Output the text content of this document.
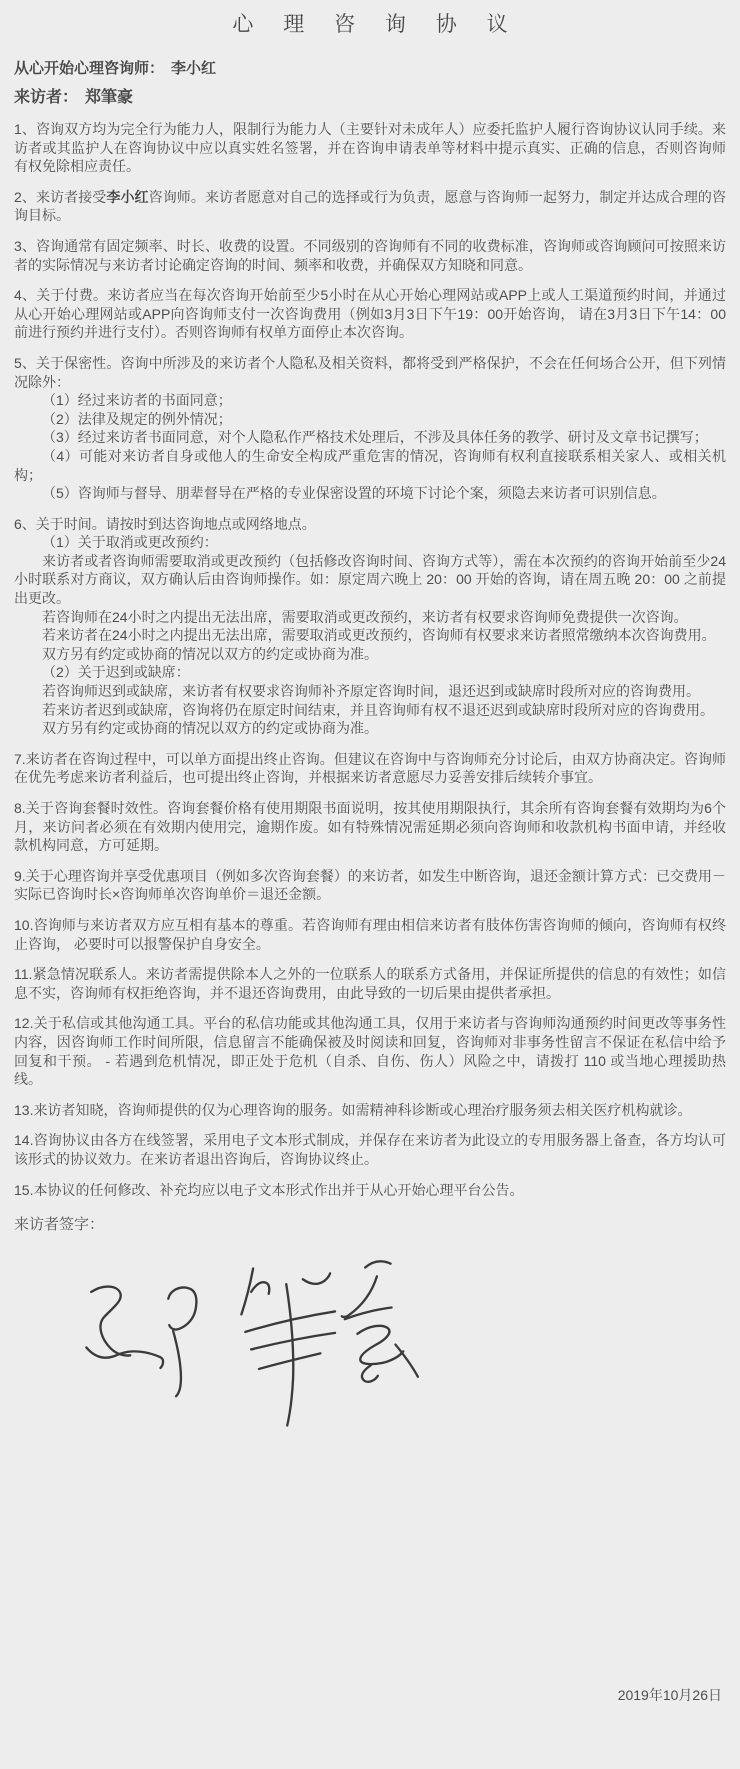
心 理 咨 询 协 议

从心开始心理咨询师： 李小红

来访者： 郑筆豪

1、咨询双方均为完全行为能力人，限制行为能力人（主要针对未成年人）应委托监护人履行咨询协议认同手续。来访者或其监护人在咨询协议中应以真实姓名签署，并在咨询申请表单等材料中提示真实、正确的信息，否则咨询师有权免除相应责任。

2、来访者接受李小红咨询师。来访者愿意对自己的选择或行为负责，愿意与咨询师一起努力，制定并达成合理的咨询目标。

3、咨询通常有固定频率、时长、收费的设置。不同级别的咨询师有不同的收费标准，咨询师或咨询顾问可按照来访者的实际情况与来访者讨论确定咨询的时间、频率和收费，并确保双方知晓和同意。

4、关于付费。来访者应当在每次咨询开始前至少5小时在从心开始心理网站或APP上或人工渠道预约时间，并通过从心开始心理网站或APP向咨询师支付一次咨询费用（例如3月3日下午19：00开始咨询， 请在3月3日下午14：00前进行预约并进行支付）。否则咨询师有权单方面停止本次咨询。

5、关于保密性。咨询中所涉及的来访者个人隐私及相关资料，都将受到严格保护，不会在任何场合公开，但下列情况除外：

（1）经过来访者的书面同意；

（2）法律及规定的例外情况；

（3）经过来访者书面同意，对个人隐私作严格技术处理后，不涉及具体任务的教学、研讨及文章书记撰写；

（4）可能对来访者自身或他人的生命安全构成严重危害的情况，咨询师有权利直接联系相关家人、或相关机构；

（5）咨询师与督导、朋辈督导在严格的专业保密设置的环境下讨论个案，须隐去来访者可识别信息。

6、关于时间。请按时到达咨询地点或网络地点。

（1）关于取消或更改预约：

来访者或者咨询师需要取消或更改预约（包括修改咨询时间、咨询方式等），需在本次预约的咨询开始前至少24小时联系对方商议，双方确认后由咨询师操作。如：原定周六晚上 20：00 开始的咨询，请在周五晚 20：00 之前提出更改。

若咨询师在24小时之内提出无法出席，需要取消或更改预约，来访者有权要求咨询师免费提供一次咨询。

若来访者在24小时之内提出无法出席，需要取消或更改预约，咨询师有权要求来访者照常缴纳本次咨询费用。

双方另有约定或协商的情况以双方的约定或协商为准。

（2）关于迟到或缺席：

若咨询师迟到或缺席，来访者有权要求咨询师补齐原定咨询时间，退还迟到或缺席时段所对应的咨询费用。

若来访者迟到或缺席，咨询将仍在原定时间结束，并且咨询师有权不退还迟到或缺席时段所对应的咨询费用。

双方另有约定或协商的情况以双方的约定或协商为准。

7.来访者在咨询过程中，可以单方面提出终止咨询。但建议在咨询中与咨询师充分讨论后，由双方协商决定。咨询师在优先考虑来访者利益后，也可提出终止咨询，并根据来访者意愿尽力妥善安排后续转介事宜。

8.关于咨询套餐时效性。咨询套餐价格有使用期限书面说明，按其使用期限执行，其余所有咨询套餐有效期均为6个月，来访问者必须在有效期内使用完，逾期作废。如有特殊情况需延期必须向咨询师和收款机构书面申请，并经收款机构同意，方可延期。

9.关于心理咨询并享受优惠项目（例如多次咨询套餐）的来访者，如发生中断咨询，退还金额计算方式：已交费用－实际已咨询时长×咨询师单次咨询单价＝退还金额。

10.咨询师与来访者双方应互相有基本的尊重。若咨询师有理由相信来访者有肢体伤害咨询师的倾向，咨询师有权终止咨询， 必要时可以报警保护自身安全。

11.紧急情况联系人。来访者需提供除本人之外的一位联系人的联系方式备用，并保证所提供的信息的有效性；如信息不实，咨询师有权拒绝咨询，并不退还咨询费用，由此导致的一切后果由提供者承担。

12.关于私信或其他沟通工具。平台的私信功能或其他沟通工具，仅用于来访者与咨询师沟通预约时间更改等事务性内容，因咨询师工作时间所限，信息留言不能确保被及时阅读和回复，咨询师对非事务性留言不保证在私信中给予回复和干预。 - 若遇到危机情况，即正处于危机（自杀、自伤、伤人）风险之中，请拨打 110 或当地心理援助热线。

13.来访者知晓，咨询师提供的仅为心理咨询的服务。如需精神科诊断或心理治疗服务须去相关医疗机构就诊。

14.咨询协议由各方在线签署，采用电子文本形式制成，并保存在来访者为此设立的专用服务器上备查，各方均认可该形式的协议效力。在来访者退出咨询后，咨询协议终止。

15.本协议的任何修改、补充均应以电子文本形式作出并于从心开始心理平台公告。

来访者签字：

2019年10月26日
